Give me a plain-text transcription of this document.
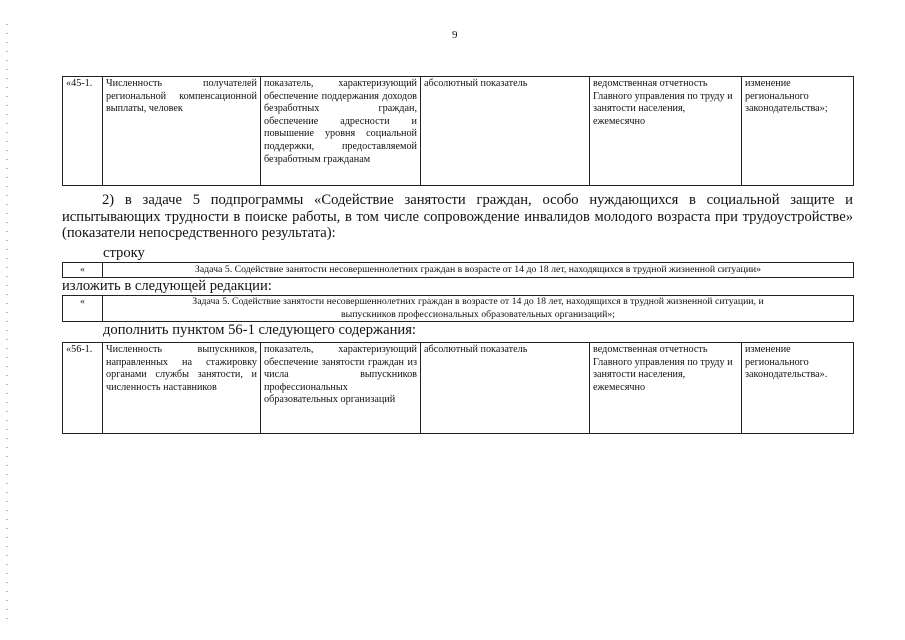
9
«45-1.	Численность получателей региональной компенсационной выплаты, человек	показатель, характеризующий обеспечение поддержания доходов безработных граждан, обеспечение адресности и повышение уровня социальной поддержки, предоставляемой безработным гражданам	абсолютный показатель	ведомственная отчетность Главного управления по труду и занятости населения, ежемесячно	изменение регионального законодательства»;
2) в задаче 5 подпрограммы «Содействие занятости граждан, особо нуждающихся в социальной защите и испытывающих трудности в поиске работы, в том числе сопровождение инвалидов молодого возраста при трудоустройстве» (показатели непосредственного результата):
строку
«	Задача 5. Содействие занятости несовершеннолетних граждан в возрасте от 14 до 18 лет, находящихся в трудной жизненной ситуации»
изложить в следующей редакции:
«	Задача 5. Содействие занятости несовершеннолетних граждан в возрасте от 14 до 18 лет, находящихся в трудной жизненной ситуации, и
выпускников профессиональных образовательных организаций»;
дополнить пунктом 56-1 следующего содержания:
«56-1.	Численность выпускников, направленных на стажировку органами службы занятости, и численность наставников	показатель, характеризующий обеспечение занятости граждан из числа выпускников профессиональных образовательных организаций	абсолютный показатель	ведомственная отчетность Главного управления по труду и занятости населения, ежемесячно	изменение регионального законодательства».
